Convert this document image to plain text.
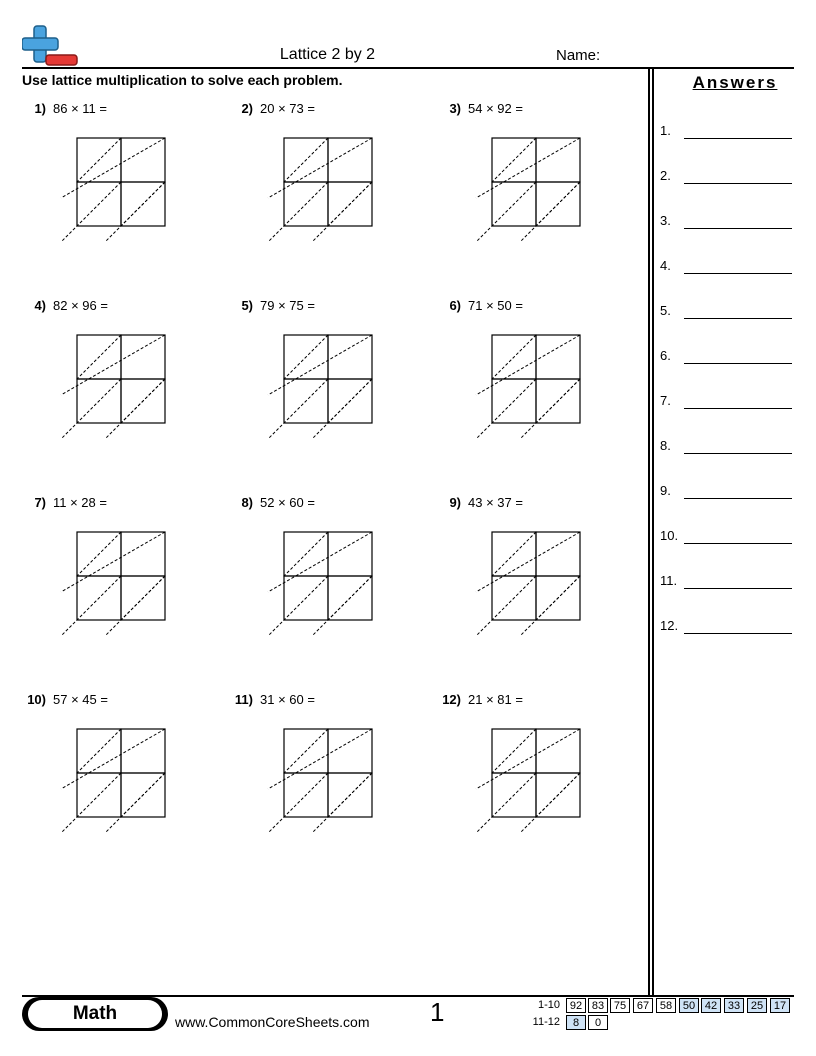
Lattice 2 by 2	Name:
Use lattice multiplication to solve each problem.	Answers
1.
2.
3.
4.
5.
6.
7.
8.
9.
10.
11.
12.
1) 86 × 11 =	2) 20 × 73 =	3) 54 × 92 =
4) 82 × 96 =	5) 79 × 75 =	6) 71 × 50 =
7) 11 × 28 =	8) 52 × 60 =	9) 43 × 37 =
10) 57 × 45 =	11) 31 × 60 =	12) 21 × 81 =
Math	www.CommonCoreSheets.com 1	1-10 92 83 75 67 58 50 42 33 25 17
11-12	8	0
